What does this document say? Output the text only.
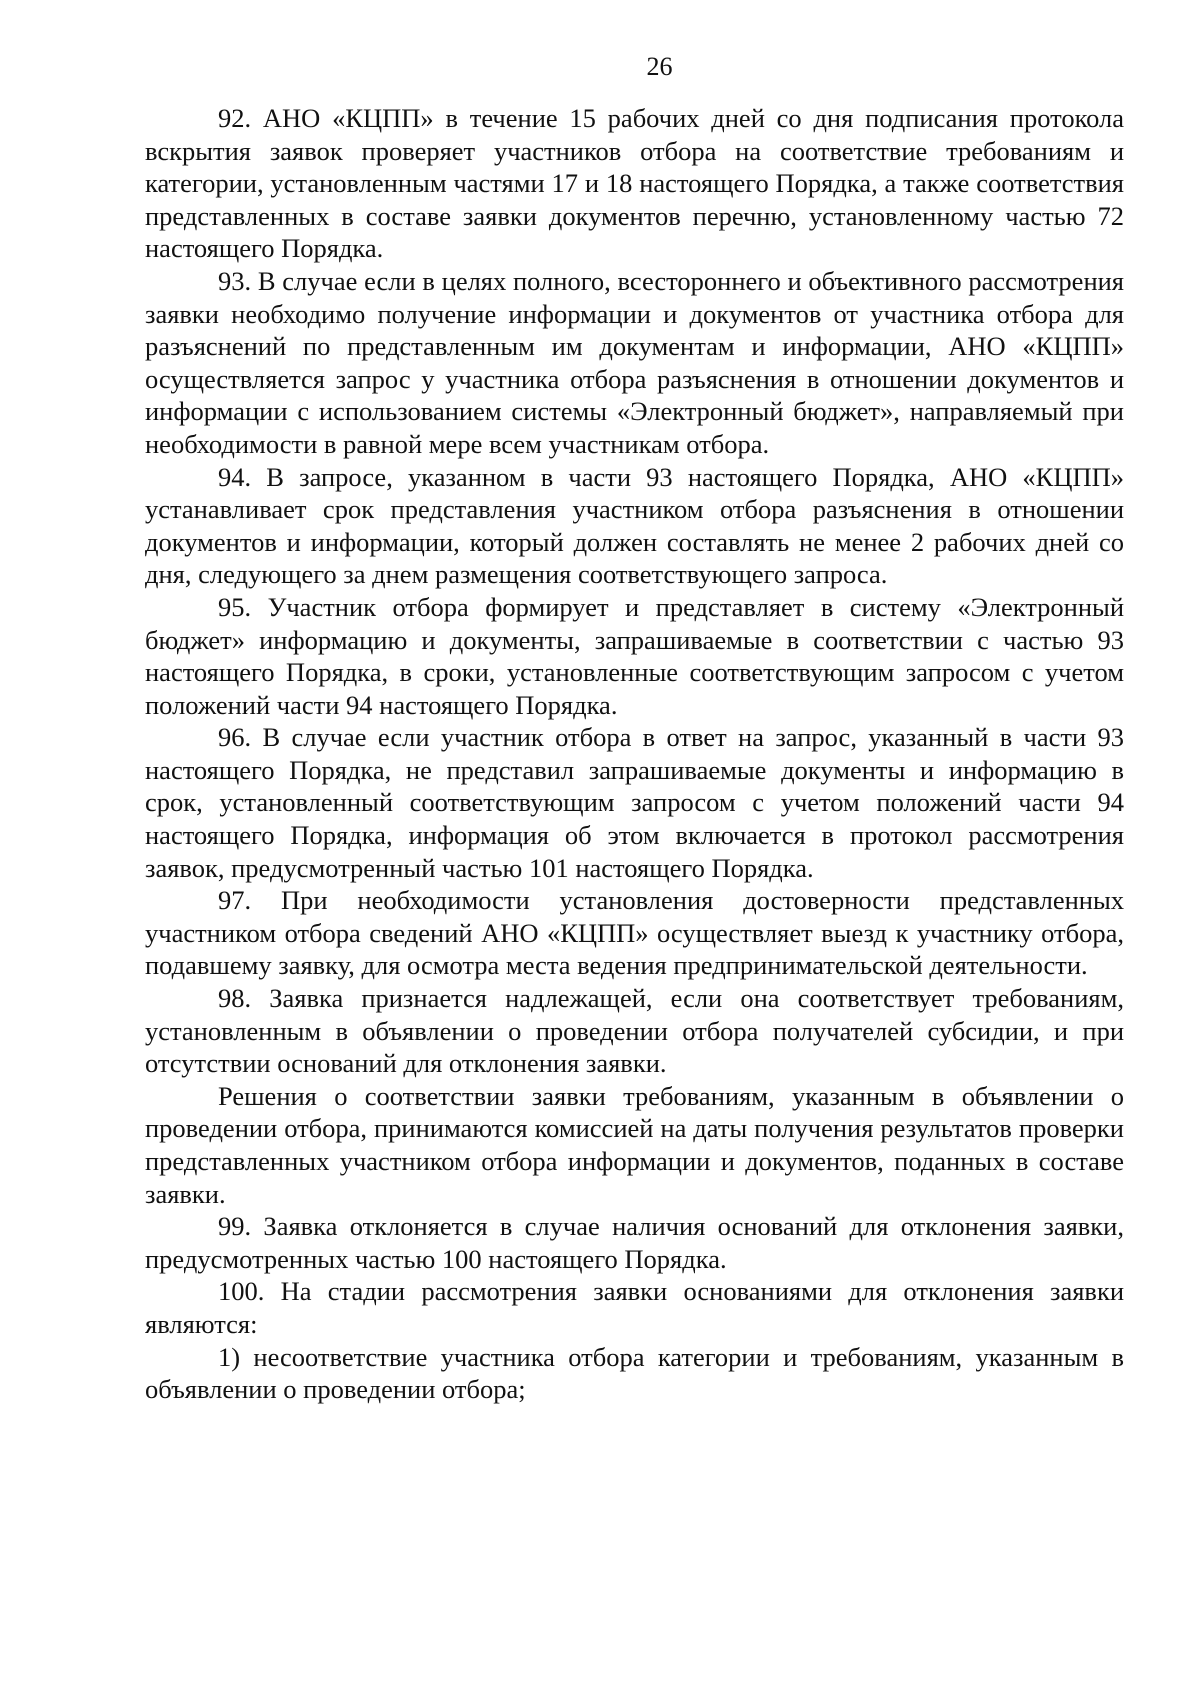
26

92. АНО «КЦПП» в течение 15 рабочих дней со дня подписания протокола вскрытия заявок проверяет участников отбора на соответствие требованиям и категории, установленным частями 17 и 18 настоящего Порядка, а также соответствия представленных в составе заявки документов перечню, установленному частью 72 настоящего Порядка.

93. В случае если в целях полного, всестороннего и объективного рассмотрения заявки необходимо получение информации и документов от участника отбора для разъяснений по представленным им документам и информации, АНО «КЦПП» осуществляется запрос у участника отбора разъяснения в отношении документов и информации с использованием системы «Электронный бюджет», направляемый при необходимости в равной мере всем участникам отбора.

94. В запросе, указанном в части 93 настоящего Порядка, АНО «КЦПП» устанавливает срок представления участником отбора разъяснения в отношении документов и информации, который должен составлять не менее 2 рабочих дней со дня, следующего за днем размещения соответствующего запроса.

95. Участник отбора формирует и представляет в систему «Электронный бюджет» информацию и документы, запрашиваемые в соответствии с частью 93 настоящего Порядка, в сроки, установленные соответствующим запросом с учетом положений части 94 настоящего Порядка.

96. В случае если участник отбора в ответ на запрос, указанный в части 93 настоящего Порядка, не представил запрашиваемые документы и информацию в срок, установленный соответствующим запросом с учетом положений части 94 настоящего Порядка, информация об этом включается в протокол рассмотрения заявок, предусмотренный частью 101 настоящего Порядка.

97. При необходимости установления достоверности представленных участником отбора сведений АНО «КЦПП» осуществляет выезд к участнику отбора, подавшему заявку, для осмотра места ведения предпринимательской деятельности.

98. Заявка признается надлежащей, если она соответствует требованиям, установленным в объявлении о проведении отбора получателей субсидии, и при отсутствии оснований для отклонения заявки.

Решения о соответствии заявки требованиям, указанным в объявлении о проведении отбора, принимаются комиссией на даты получения результатов проверки представленных участником отбора информации и документов, поданных в составе заявки.

99. Заявка отклоняется в случае наличия оснований для отклонения заявки, предусмотренных частью 100 настоящего Порядка.

100. На стадии рассмотрения заявки основаниями для отклонения заявки являются:

1) несоответствие участника отбора категории и требованиям, указанным в объявлении о проведении отбора;
